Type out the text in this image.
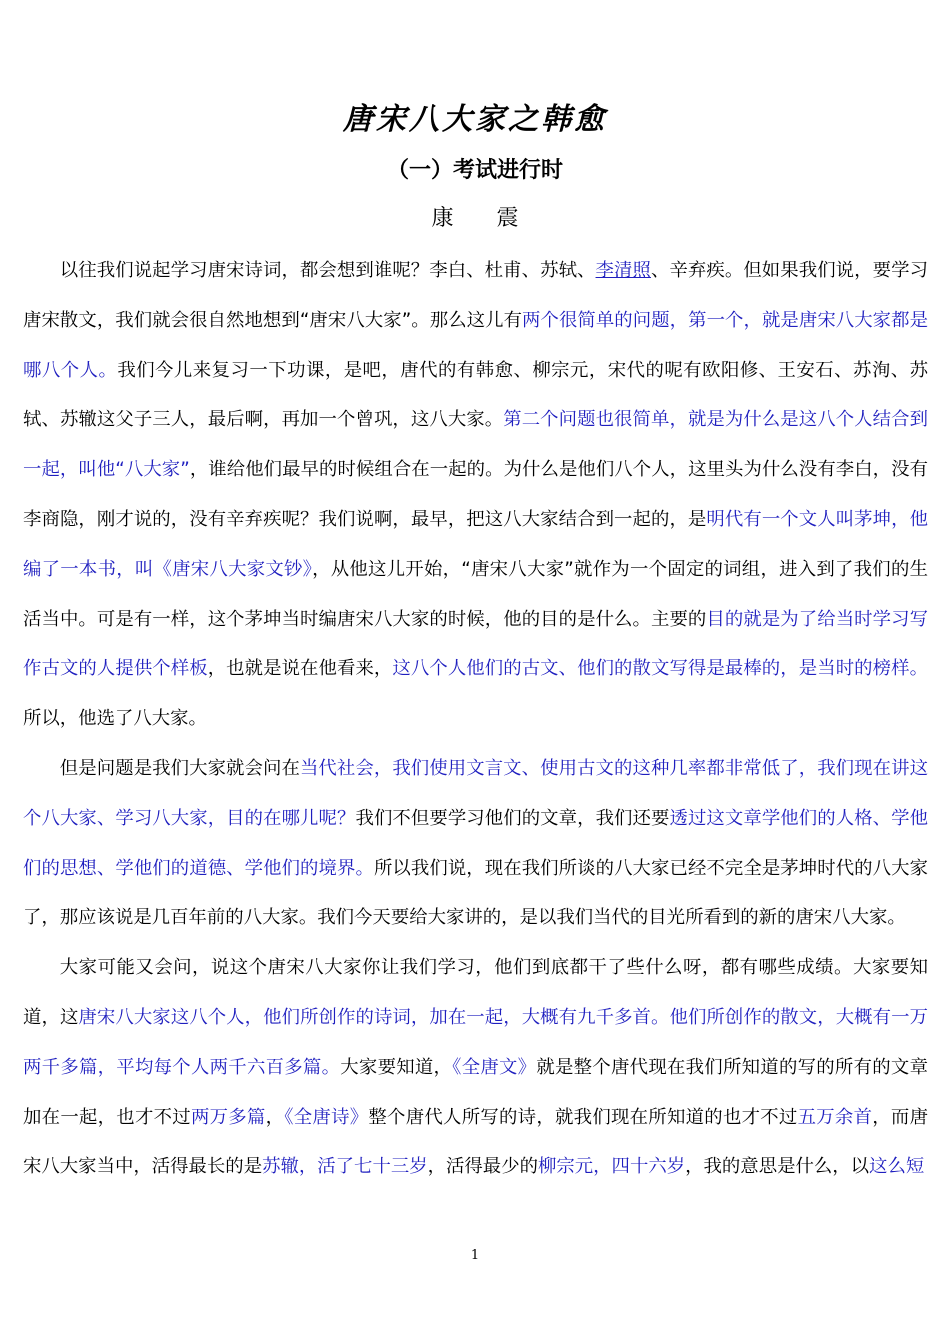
唐宋八大家之韩愈
（一）考试进行时
康 震

以往我们说起学习唐宋诗词，都会想到谁呢？李白、杜甫、苏轼、李清照、辛弃疾。但如果我们说，要学习唐宋散文，我们就会很自然地想到“唐宋八大家”。那么这儿有两个很简单的问题，第一个，就是唐宋八大家都是哪八个人。我们今儿来复习一下功课，是吧，唐代的有韩愈、柳宗元，宋代的呢有欧阳修、王安石、苏洵、苏轼、苏辙这父子三人，最后啊，再加一个曾巩，这八大家。第二个问题也很简单，就是为什么是这八个人结合到一起，叫他“八大家”，谁给他们最早的时候组合在一起的。为什么是他们八个人，这里头为什么没有李白，没有李商隐，刚才说的，没有辛弃疾呢？我们说啊，最早，把这八大家结合到一起的，是明代有一个文人叫茅坤，他编了一本书，叫《唐宋八大家文钞》，从他这儿开始，“唐宋八大家”就作为一个固定的词组，进入到了我们的生活当中。可是有一样，这个茅坤当时编唐宋八大家的时候，他的目的是什么。主要的目的就是为了给当时学习写作古文的人提供个样板，也就是说在他看来，这八个人他们的古文、他们的散文写得是最棒的，是当时的榜样。所以，他选了八大家。

但是问题是我们大家就会问在当代社会，我们使用文言文、使用古文的这种几率都非常低了，我们现在讲这个八大家、学习八大家，目的在哪儿呢？我们不但要学习他们的文章，我们还要透过这文章学他们的人格、学他们的思想、学他们的道德、学他们的境界。所以我们说，现在我们所谈的八大家已经不完全是茅坤时代的八大家了，那应该说是几百年前的八大家。我们今天要给大家讲的，是以我们当代的目光所看到的新的唐宋八大家。

大家可能又会问，说这个唐宋八大家你让我们学习，他们到底都干了些什么呀，都有哪些成绩。大家要知道，这唐宋八大家这八个人，他们所创作的诗词，加在一起，大概有九千多首。他们所创作的散文，大概有一万两千多篇，平均每个人两千六百多篇。大家要知道，《全唐文》就是整个唐代现在我们所知道的写的所有的文章加在一起，也才不过两万多篇，《全唐诗》整个唐代人所写的诗，就我们现在所知道的也才不过五万余首，而唐宋八大家当中，活得最长的是苏辙，活了七十三岁，活得最少的柳宗元，四十六岁，我的意思是什么，以这么短

1
